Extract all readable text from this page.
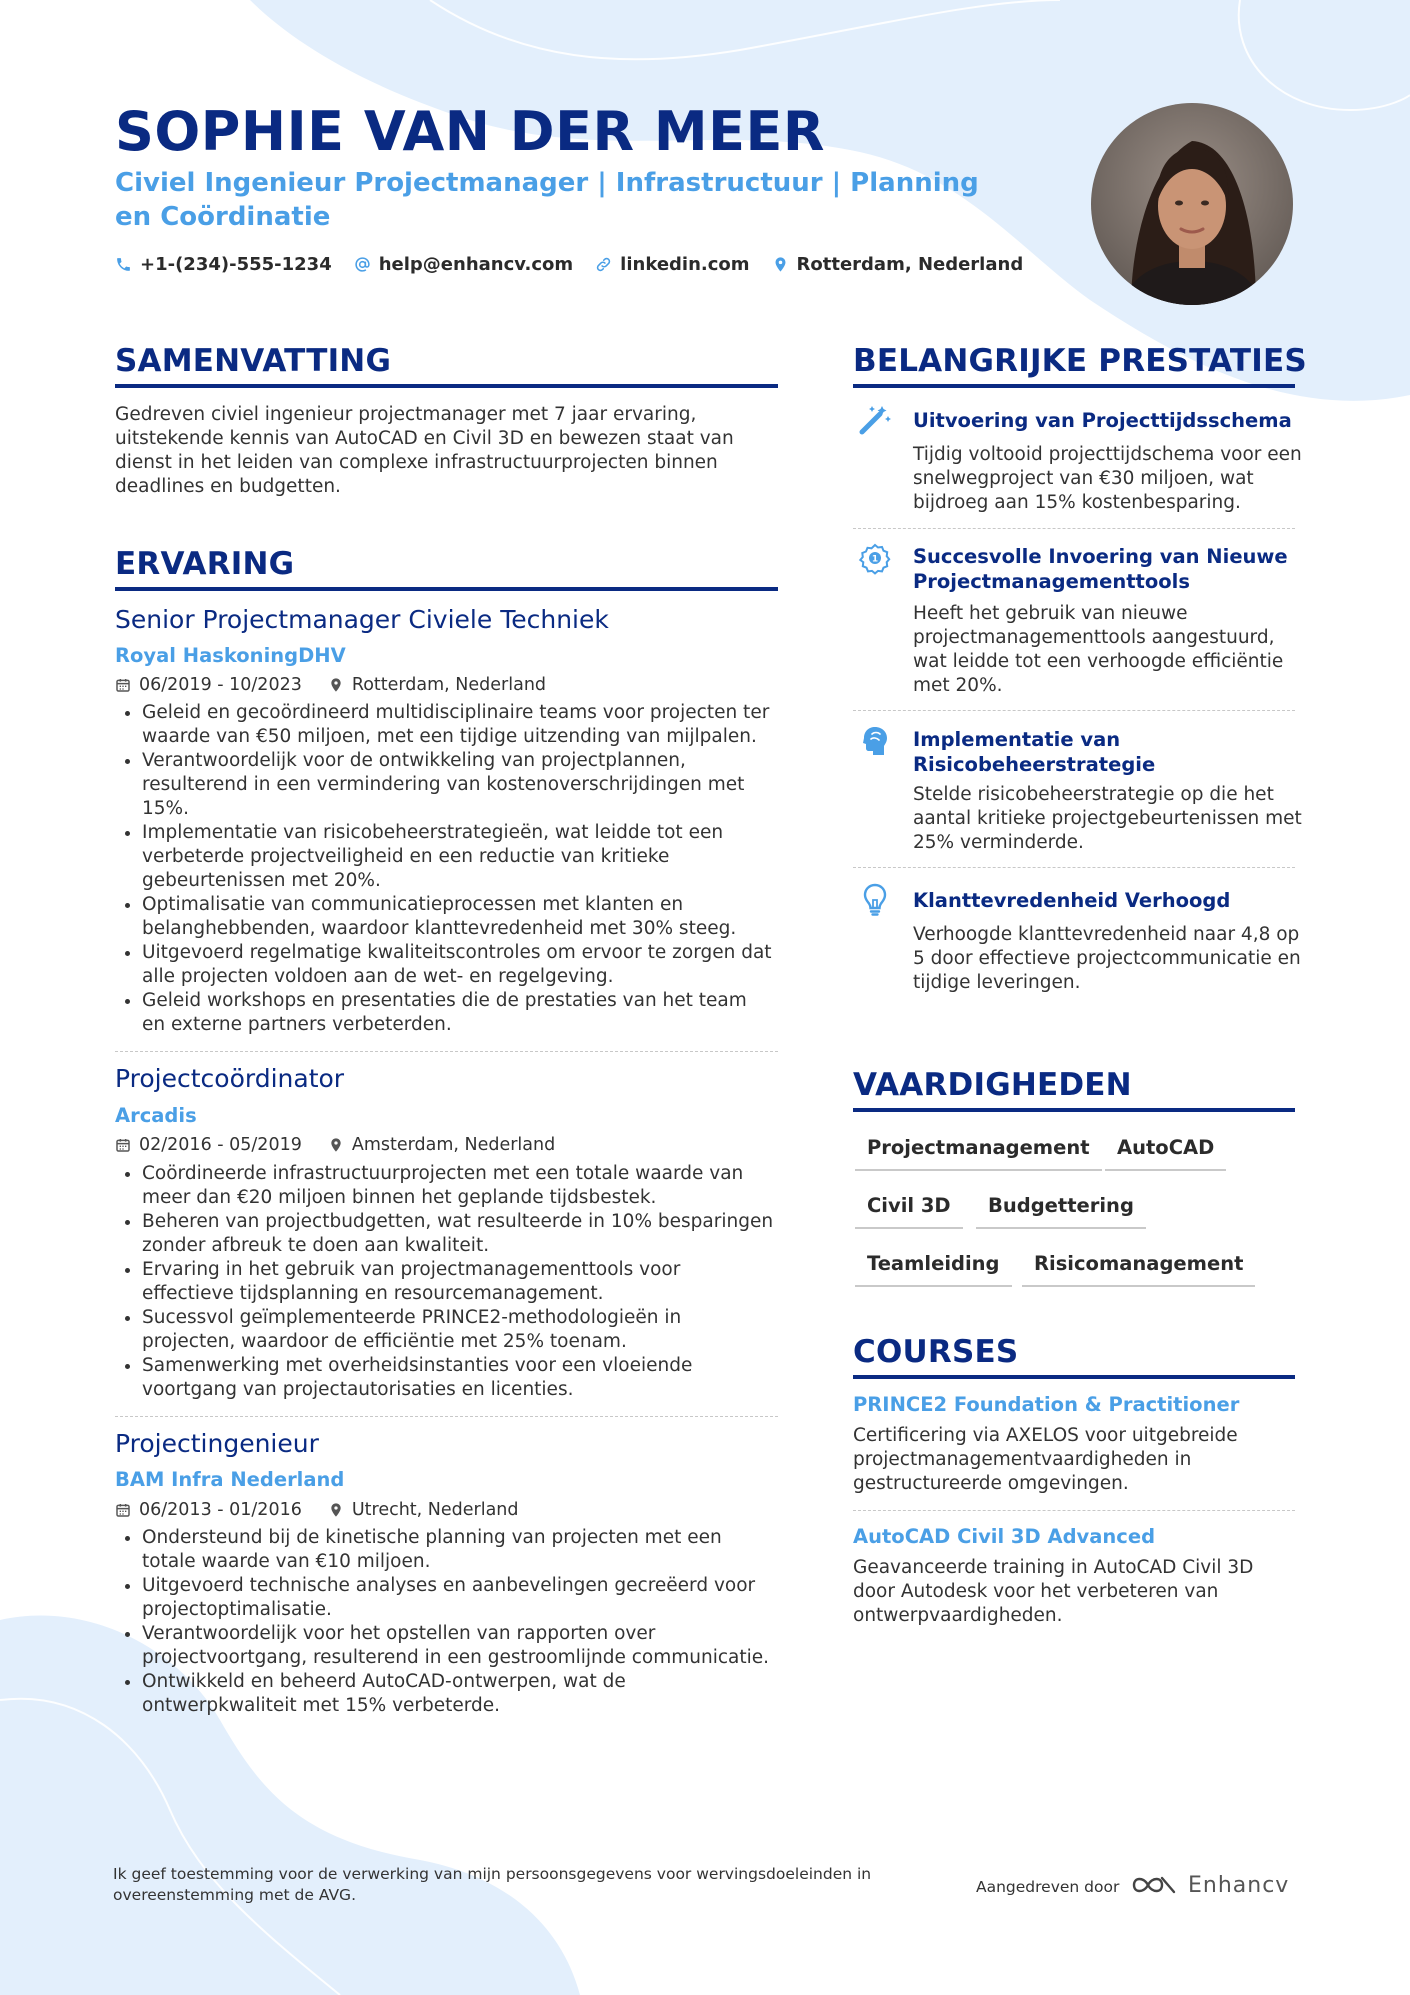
SOPHIE VAN DER MEER
Civiel Ingenieur Projectmanager | Infrastructuur | Planning en Coördinatie
+1-(234)-555-1234	help@enhancv.com	linkedin.com	Rotterdam, Nederland
SAMENVATTING
Gedreven civiel ingenieur projectmanager met 7 jaar ervaring, uitstekende kennis van AutoCAD en Civil 3D en bewezen staat van dienst in het leiden van complexe infrastructuurprojecten binnen deadlines en budgetten.
ERVARING
Senior Projectmanager Civiele Techniek
Royal HaskoningDHV
06/2019 - 10/2023	Rotterdam, Nederland
Geleid en gecoördineerd multidisciplinaire teams voor projecten ter waarde van €50 miljoen, met een tijdige uitzending van mijlpalen.
Verantwoordelijk voor de ontwikkeling van projectplannen, resulterend in een vermindering van kostenoverschrijdingen met 15%.
Implementatie van risicobeheerstrategieën, wat leidde tot een verbeterde projectveiligheid en een reductie van kritieke gebeurtenissen met 20%.
Optimalisatie van communicatieprocessen met klanten en belanghebbenden, waardoor klanttevredenheid met 30% steeg.
Uitgevoerd regelmatige kwaliteitscontroles om ervoor te zorgen dat alle projecten voldoen aan de wet- en regelgeving.
Geleid workshops en presentaties die de prestaties van het team en externe partners verbeterden.
Projectcoördinator
Arcadis
02/2016 - 05/2019	Amsterdam, Nederland
Coördineerde infrastructuurprojecten met een totale waarde van meer dan €20 miljoen binnen het geplande tijdsbestek.
Beheren van projectbudgetten, wat resulteerde in 10% besparingen zonder afbreuk te doen aan kwaliteit.
Ervaring in het gebruik van projectmanagementtools voor effectieve tijdsplanning en resourcemanagement.
Sucessvol geïmplementeerde PRINCE2-methodologieën in projecten, waardoor de efficiëntie met 25% toenam.
Samenwerking met overheidsinstanties voor een vloeiende voortgang van projectautorisaties en licenties.
Projectingenieur
BAM Infra Nederland
06/2013 - 01/2016	Utrecht, Nederland
Ondersteund bij de kinetische planning van projecten met een totale waarde van €10 miljoen.
Uitgevoerd technische analyses en aanbevelingen gecreëerd voor projectoptimalisatie.
Verantwoordelijk voor het opstellen van rapporten over projectvoortgang, resulterend in een gestroomlijnde communicatie.
Ontwikkeld en beheerd AutoCAD-ontwerpen, wat de ontwerpkwaliteit met 15% verbeterde.
BELANGRIJKE PRESTATIES
Uitvoering van Projecttijdsschema
Tijdig voltooid projecttijdschema voor een snelwegproject van €30 miljoen, wat bijdroeg aan 15% kostenbesparing.
1 Succesvolle Invoering van Nieuwe Projectmanagementtools
Heeft het gebruik van nieuwe projectmanagementtools aangestuurd, wat leidde tot een verhoogde efficiëntie met 20%.
Implementatie van Risicobeheerstrategie
Stelde risicobeheerstrategie op die het aantal kritieke projectgebeurtenissen met 25% verminderde.
Klanttevredenheid Verhoogd
Verhoogde klanttevredenheid naar 4,8 op 5 door effectieve projectcommunicatie en tijdige leveringen.
VAARDIGHEDEN
Projectmanagement	AutoCAD
Civil 3D	Budgettering
Teamleiding	Risicomanagement
COURSES
PRINCE2 Foundation & Practitioner
Certificering via AXELOS voor uitgebreide projectmanagementvaardigheden in gestructureerde omgevingen.
AutoCAD Civil 3D Advanced
Geavanceerde training in AutoCAD Civil 3D door Autodesk voor het verbeteren van ontwerpvaardigheden.
Ik geef toestemming voor de verwerking van mijn persoonsgegevens voor wervingsdoeleinden in overeenstemming met de AVG.	Aangedreven door	Enhancv
